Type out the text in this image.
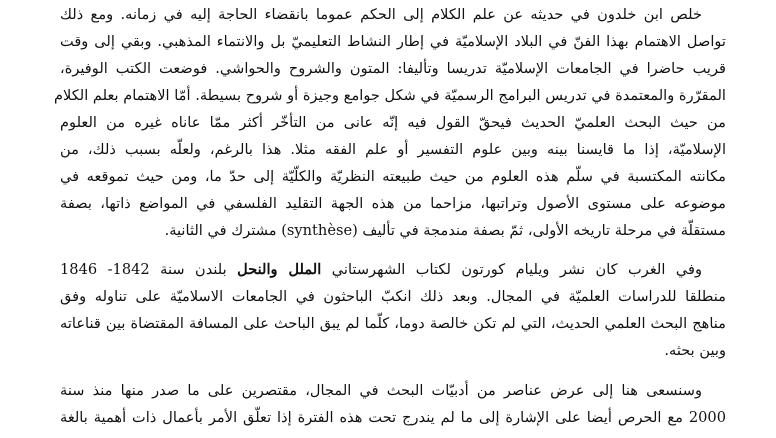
خلص ابن خلدون في حديثه عن علم الكلام إلى الحكم عموما بانقضاء الحاجة إليه في زمانه. ومع ذلك
تواصل الاهتمام بهذا الفنّ في البلاد الإسلاميّة في إطار النشاط التعليميّ بل والانتماء المذهبي. وبقي إلى وقت
قريب حاضرا في الجامعات الإسلاميّة تدريسا وتأليفا: المتون والشروح والحواشي. فوضعت الكتب الوفيرة،
المقرّرة والمعتمدة في تدريس البرامج الرسميّة في شكل جوامع وجيزة أو شروح بسيطة. أمّا الاهتمام بعلم الكلام
من حيث البحث العلميّ الحديث فيحقّ القول فيه إنّه عانى من التأخّر أكثر ممّا عاناه غيره من العلوم
الإسلاميّة، إذا ما قايسنا بينه وبين علوم التفسير أو علم الفقه مثلا. هذا بالرغم، ولعلّه بسبب ذلك، من
مكانته المكتسبة في سلّم هذه العلوم من حيث طبيعته النظريّة والكلّيّة إلى حدّ ما، ومن حيث تموقعه في
موضوعه على مستوى الأصول وتراتبها، مزاحما من هذه الجهة التقليد الفلسفي في المواضع ذاتها، بصفة
مستقلّة في مرحلة تاريخه الأولى، ثمّ بصفة مندمجة في تأليف (synthèse) مشترك في الثانية.
وفي الغرب كان نشر ويليام كورتون لكتاب الشهرستاني الملل والنحل بلندن سنة 1842- 1846
منطلقا للدراسات العلميّة في المجال. وبعد ذلك انكبّ الباحثون في الجامعات الاسلاميّة على تناوله وفق
مناهج البحث العلمي الحديث، التي لم تكن خالصة دوما، كلّما لم يبق الباحث على المسافة المقتضاة بين قناعاته
وبين بحثه.
وسنسعى هنا إلى عرض عناصر من أدبيّات البحث في المجال، مقتصرين على ما صدر منها منذ سنة
2000 مع الحرص أيضا على الإشارة إلى ما لم يندرج تحت هذه الفترة إذا تعلّق الأمر بأعمال ذات أهمية بالغة
